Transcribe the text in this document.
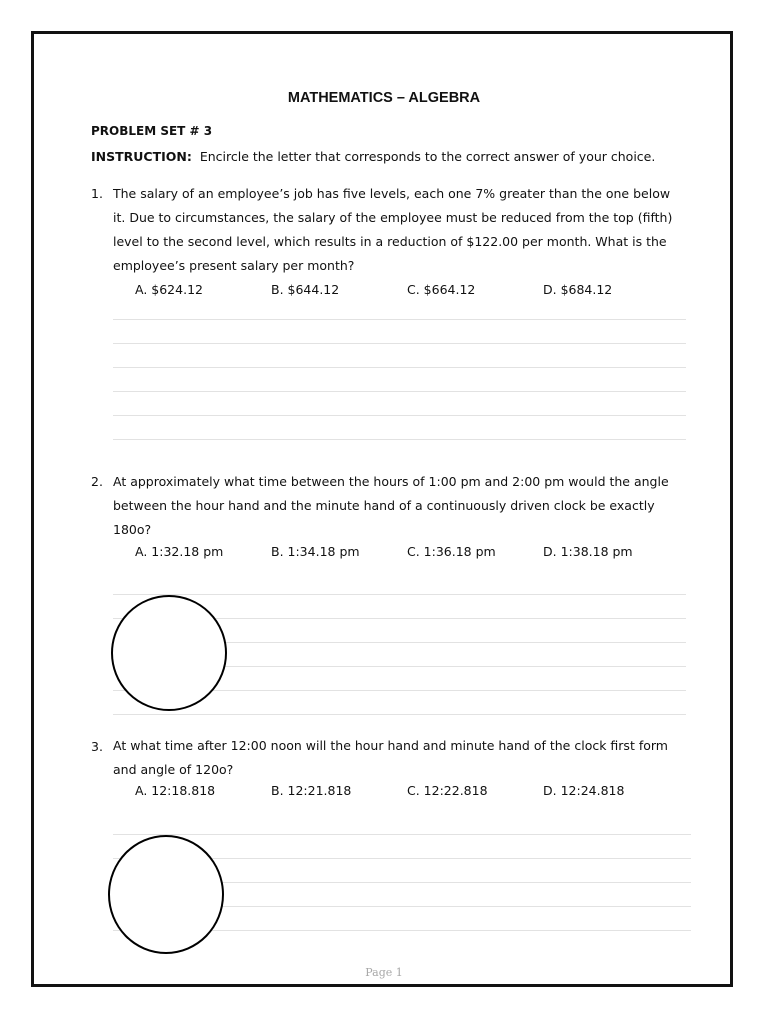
MATHEMATICS – ALGEBRA
PROBLEM SET # 3
INSTRUCTION: Encircle the letter that corresponds to the correct answer of your choice.
1. The salary of an employee’s job has five levels, each one 7% greater than the one below it. Due to circumstances, the salary of the employee must be reduced from the top (fifth) level to the second level, which results in a reduction of $122.00 per month. What is the employee’s present salary per month?
A. $624.12	B. $644.12	C. $664.12	D. $684.12
2. At approximately what time between the hours of 1:00 pm and 2:00 pm would the angle between the hour hand and the minute hand of a continuously driven clock be exactly 180o?
A. 1:32.18 pm	B. 1:34.18 pm	C. 1:36.18 pm	D. 1:38.18 pm
3. At what time after 12:00 noon will the hour hand and minute hand of the clock first form and angle of 120o?
A. 12:18.818	B. 12:21.818	C. 12:22.818	D. 12:24.818
Page 1
